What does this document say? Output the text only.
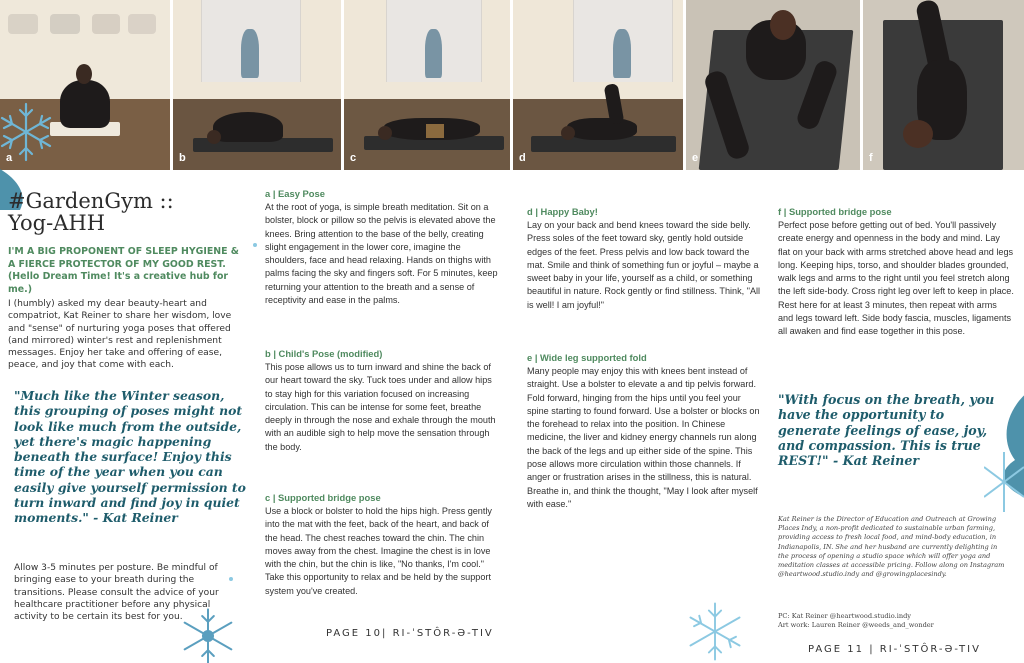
a	b	c	d	e	f
#GardenGym ::
Yog-AHH
I'M A BIG PROPONENT OF SLEEP HYGIENE & A FIERCE PROTECTOR OF MY GOOD REST. (Hello Dream Time! It's a creative hub for me.)
I (humbly) asked my dear beauty-heart and compatriot, Kat Reiner to share her wisdom, love and "sense" of nurturing yoga poses that offered (and mirrored) winter's rest and replenishment messages. Enjoy her take and offering of ease, peace, and joy that come with each.
"Much like the Winter season, this grouping of poses might not look like much from the outside, yet there's magic happening beneath the surface! Enjoy this time of the year when you can easily give yourself permission to turn inward and find joy in quiet moments." - Kat Reiner
Allow 3-5 minutes per posture. Be mindful of bringing ease to your breath during the transitions. Please consult the advice of your healthcare practitioner before any physical activity to be certain its best for you.
a | Easy Pose
At the root of yoga, is simple breath meditation. Sit on a bolster, block or pillow so the pelvis is elevated above the knees. Bring attention to the base of the belly, creating slight engagement in the lower core, imagine the shoulders, face and head relaxing. Hands on thighs with palms facing the sky and fingers soft. For 5 minutes, keep returning your attention to the breath and a sense of receptivity and ease in the palms.
b | Child's Pose (modified)
This pose allows us to turn inward and shine the back of our heart toward the sky. Tuck toes under and allow hips to stay high for this variation focused on increasing circulation. This can be intense for some feet, breathe deeply in through the nose and exhale through the mouth with an audible sigh to help move the sensation through the body.
c | Supported bridge pose
Use a block or bolster to hold the hips high. Press gently into the mat with the feet, back of the heart, and back of the head. The chest reaches toward the chin. The chin moves away from the chest. Imagine the chest is in love with the chin, but the chin is like, "No thanks, I'm cool." Take this opportunity to relax and be held by the support system you've created.
PAGE 10| RI-ˈSTÔR-Ə-TIV
d | Happy Baby!
Lay on your back and bend knees toward the side belly. Press soles of the feet toward sky, gently hold outside edges of the feet. Press pelvis and low back toward the mat. Smile and think of something fun or joyful – maybe a sweet baby in your life, yourself as a child, or something beautiful in nature. Rock gently or find stillness. Think, "All is well! I am joyful!"
e | Wide leg supported fold
Many people may enjoy this with knees bent instead of straight. Use a bolster to elevate a and tip pelvis forward. Fold forward, hinging from the hips until you feel your spine starting to found forward. Use a bolster or blocks on the forehead to relax into the position. In Chinese medicine, the liver and kidney energy channels run along the back of the legs and up either side of the spine. This pose allows more circulation within those channels. If anger or frustration arises in the stillness, this is natural. Breathe in, and think the thought, "May I look after myself with ease."
f | Supported bridge pose
Perfect pose before getting out of bed. You'll passively create energy and openness in the body and mind. Lay flat on your back with arms stretched above head and legs long. Keeping hips, torso, and shoulder blades grounded, walk legs and arms to the right until you feel stretch along the left side-body. Cross right leg over left to keep in place. Rest here for at least 3 minutes, then repeat with arms and legs toward left. Side body fascia, muscles, ligaments all awaken and find ease together in this pose.
"With focus on the breath, you have the opportunity to generate feelings of ease, joy, and compassion. This is true REST!" - Kat Reiner
Kat Reiner is the Director of Education and Outreach at Growing Places Indy, a non-profit dedicated to sustainable urban farming, providing access to fresh local food, and mind-body education, in Indianapolis, IN. She and her husband are currently delighting in the process of opening a studio space which will offer yoga and meditation classes at accessible pricing. Follow along on Instagram @heartwood.studio.indy and @growingplacesindy.
PC: Kat Reiner @heartwood.studio.indy
Art work: Lauren Reiner @weeds_and_wonder
PAGE 11 | RI-ˈSTÔR-Ə-TIV
